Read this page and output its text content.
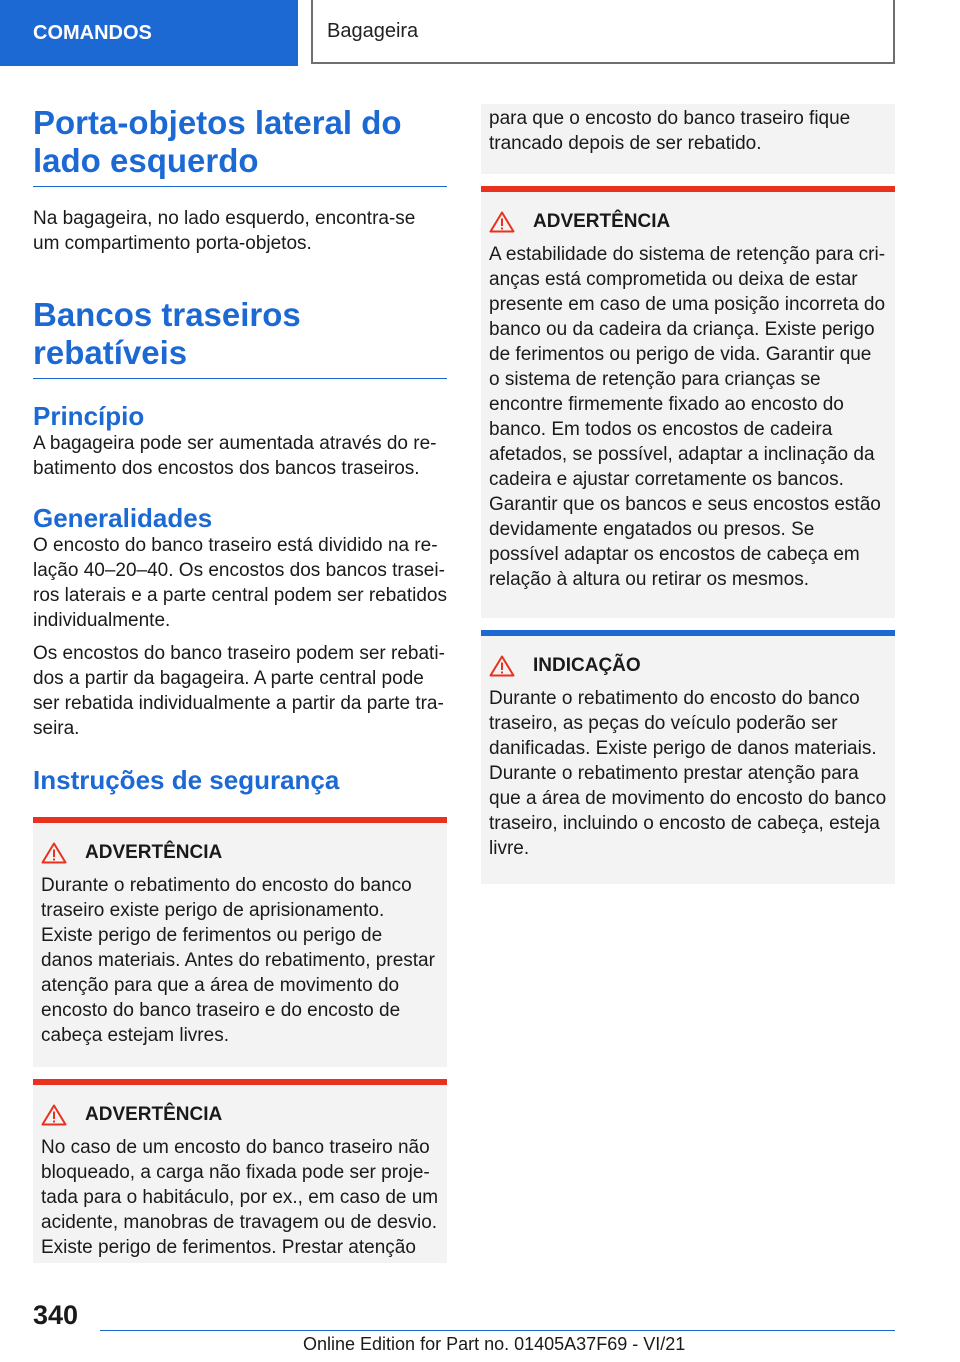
COMANDOS	Bagageira
Porta-objetos lateral do lado esquerdo

Na bagageira, no lado esquerdo, encontra-se um compartimento porta-objetos.

Bancos traseiros rebatíveis
Princípio

A bagageira pode ser aumentada através do rebatimento dos encostos dos bancos traseiros.

Generalidades

O encosto do banco traseiro está dividido na relação 40–20–40. Os encostos dos bancos traseiros laterais e a parte central podem ser rebatidos individualmente.

Os encostos do banco traseiro podem ser rebatidos a partir da bagageira. A parte central pode ser rebatida individualmente a partir da parte traseira.

Instruções de segurança
ADVERTÊNCIA

Durante o rebatimento do encosto do banco traseiro existe perigo de aprisionamento. Existe perigo de ferimentos ou perigo de danos materiais. Antes do rebatimento, prestar atenção para que a área de movimento do encosto do banco traseiro e do encosto de cabeça estejam livres.

ADVERTÊNCIA

No caso de um encosto do banco traseiro não bloqueado, a carga não fixada pode ser projetada para o habitáculo, por ex., em caso de um acidente, manobras de travagem ou de desvio. Existe perigo de ferimentos. Prestar atenção

para que o encosto do banco traseiro fique trancado depois de ser rebatido.

ADVERTÊNCIA

A estabilidade do sistema de retenção para crianças está comprometida ou deixa de estar presente em caso de uma posição incorreta do banco ou da cadeira da criança. Existe perigo de ferimentos ou perigo de vida. Garantir que o sistema de retenção para crianças se encontre firmemente fixado ao encosto do banco. Em todos os encostos de cadeira afetados, se possível, adaptar a inclinação da cadeira e ajustar corretamente os bancos. Garantir que os bancos e seus encostos estão devidamente engatados ou presos. Se possível adaptar os encostos de cabeça em relação à altura ou retirar os mesmos.

INDICAÇÃO

Durante o rebatimento do encosto do banco traseiro, as peças do veículo poderão ser danificadas. Existe perigo de danos materiais. Durante o rebatimento prestar atenção para que a área de movimento do encosto do banco traseiro, incluindo o encosto de cabeça, esteja livre.

340
Online Edition for Part no. 01405A37F69 - VI/21
